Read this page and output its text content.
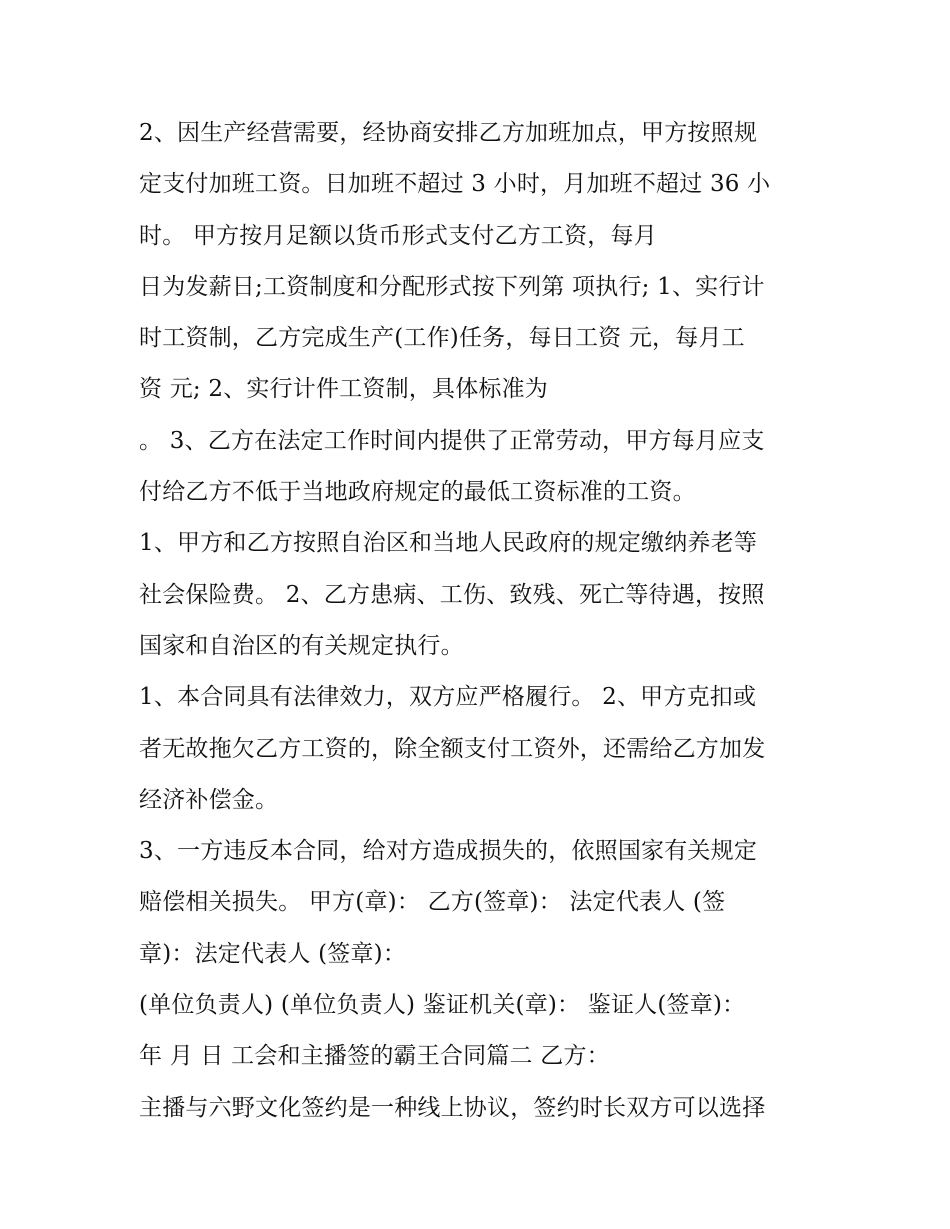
2、因生产经营需要，经协商安排乙方加班加点，甲方按照规
定支付加班工资。日加班不超过 3 小时，月加班不超过 36 小
时。 甲方按月足额以货币形式支付乙方工资，每月
日为发薪日;工资制度和分配形式按下列第 项执行; 1、实行计
时工资制，乙方完成生产(工作)任务，每日工资 元，每月工
资 元; 2、实行计件工资制，具体标准为
。 3、乙方在法定工作时间内提供了正常劳动，甲方每月应支
付给乙方不低于当地政府规定的最低工资标准的工资。
1、甲方和乙方按照自治区和当地人民政府的规定缴纳养老等
社会保险费。 2、乙方患病、工伤、致残、死亡等待遇，按照
国家和自治区的有关规定执行。
1、本合同具有法律效力，双方应严格履行。 2、甲方克扣或
者无故拖欠乙方工资的，除全额支付工资外，还需给乙方加发
经济补偿金。
3、一方违反本合同，给对方造成损失的，依照国家有关规定
赔偿相关损失。 甲方(章)： 乙方(签章)： 法定代表人 (签
章)：法定代表人 (签章)：
(单位负责人) (单位负责人) 鉴证机关(章)： 鉴证人(签章)：
年 月 日 工会和主播签的霸王合同篇二 乙方：
主播与六野文化签约是一种线上协议，签约时长双方可以选择
